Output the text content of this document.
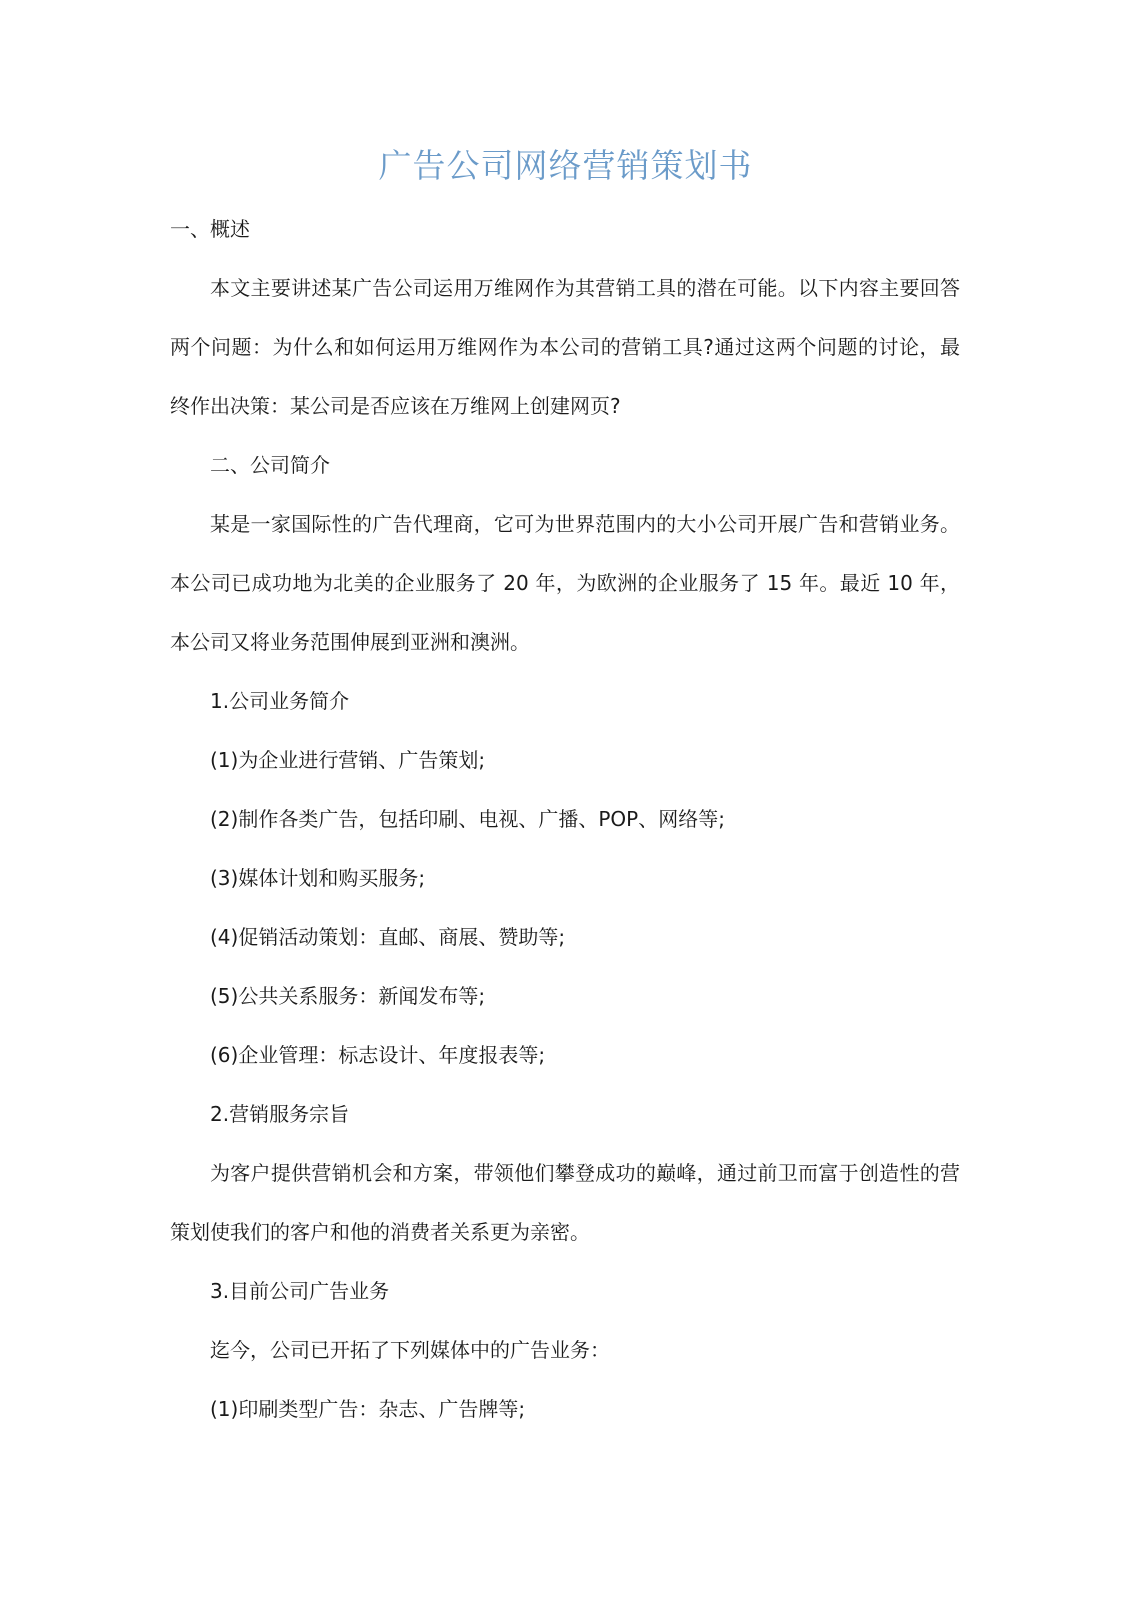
广告公司网络营销策划书

一、概述

本文主要讲述某广告公司运用万维网作为其营销工具的潜在可能。以下内容主要回答两个问题：为什么和如何运用万维网作为本公司的营销工具?通过这两个问题的讨论，最终作出决策：某公司是否应该在万维网上创建网页?

二、公司简介

某是一家国际性的广告代理商，它可为世界范围内的大小公司开展广告和营销业务。本公司已成功地为北美的企业服务了 20 年，为欧洲的企业服务了 15 年。最近 10 年，本公司又将业务范围伸展到亚洲和澳洲。

1.公司业务简介

(1)为企业进行营销、广告策划;

(2)制作各类广告，包括印刷、电视、广播、POP、网络等;

(3)媒体计划和购买服务;

(4)促销活动策划：直邮、商展、赞助等;

(5)公共关系服务：新闻发布等;

(6)企业管理：标志设计、年度报表等;

2.营销服务宗旨

为客户提供营销机会和方案，带领他们攀登成功的巅峰，通过前卫而富于创造性的营策划使我们的客户和他的消费者关系更为亲密。

3.目前公司广告业务

迄今，公司已开拓了下列媒体中的广告业务：

(1)印刷类型广告：杂志、广告牌等;
